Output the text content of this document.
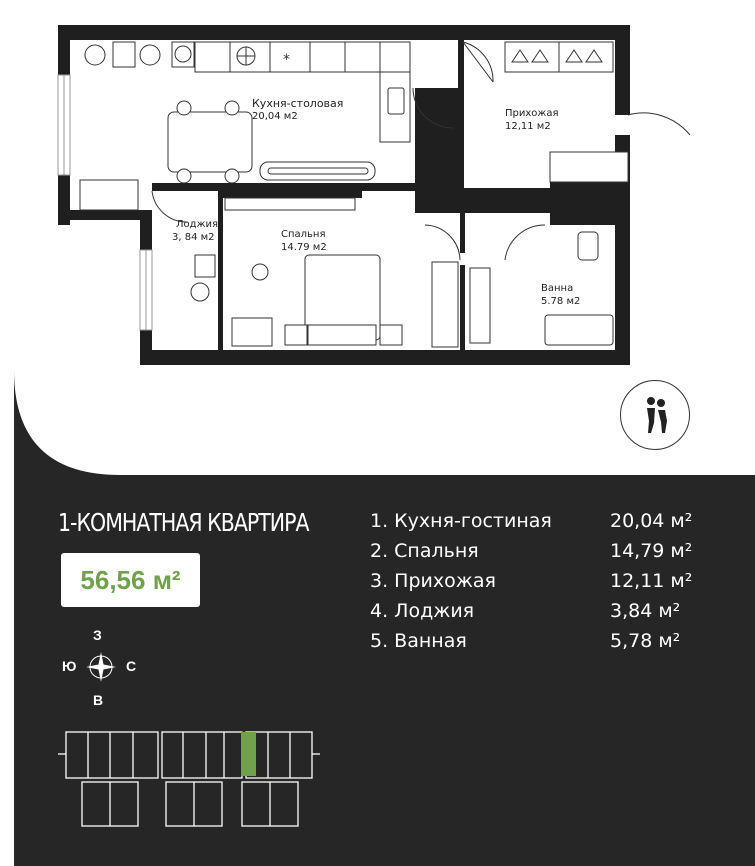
*
Кухня-столовая
20,04 м2	Прихожая
12,11 м2
Лоджия
3, 84 м2	Спальня
14.79 м2
Ванна
5.78 м2
1-КОМНАТНАЯ КВАРТИРА
56,56 м²
1. Кухня-гостиная	20,04 м²
2. Спальня	14,79 м²
3. Прихожая	12,11 м²
4. Лоджия	3,84 м²
5. Ванная	5,78 м²
З
Ю	С
В
